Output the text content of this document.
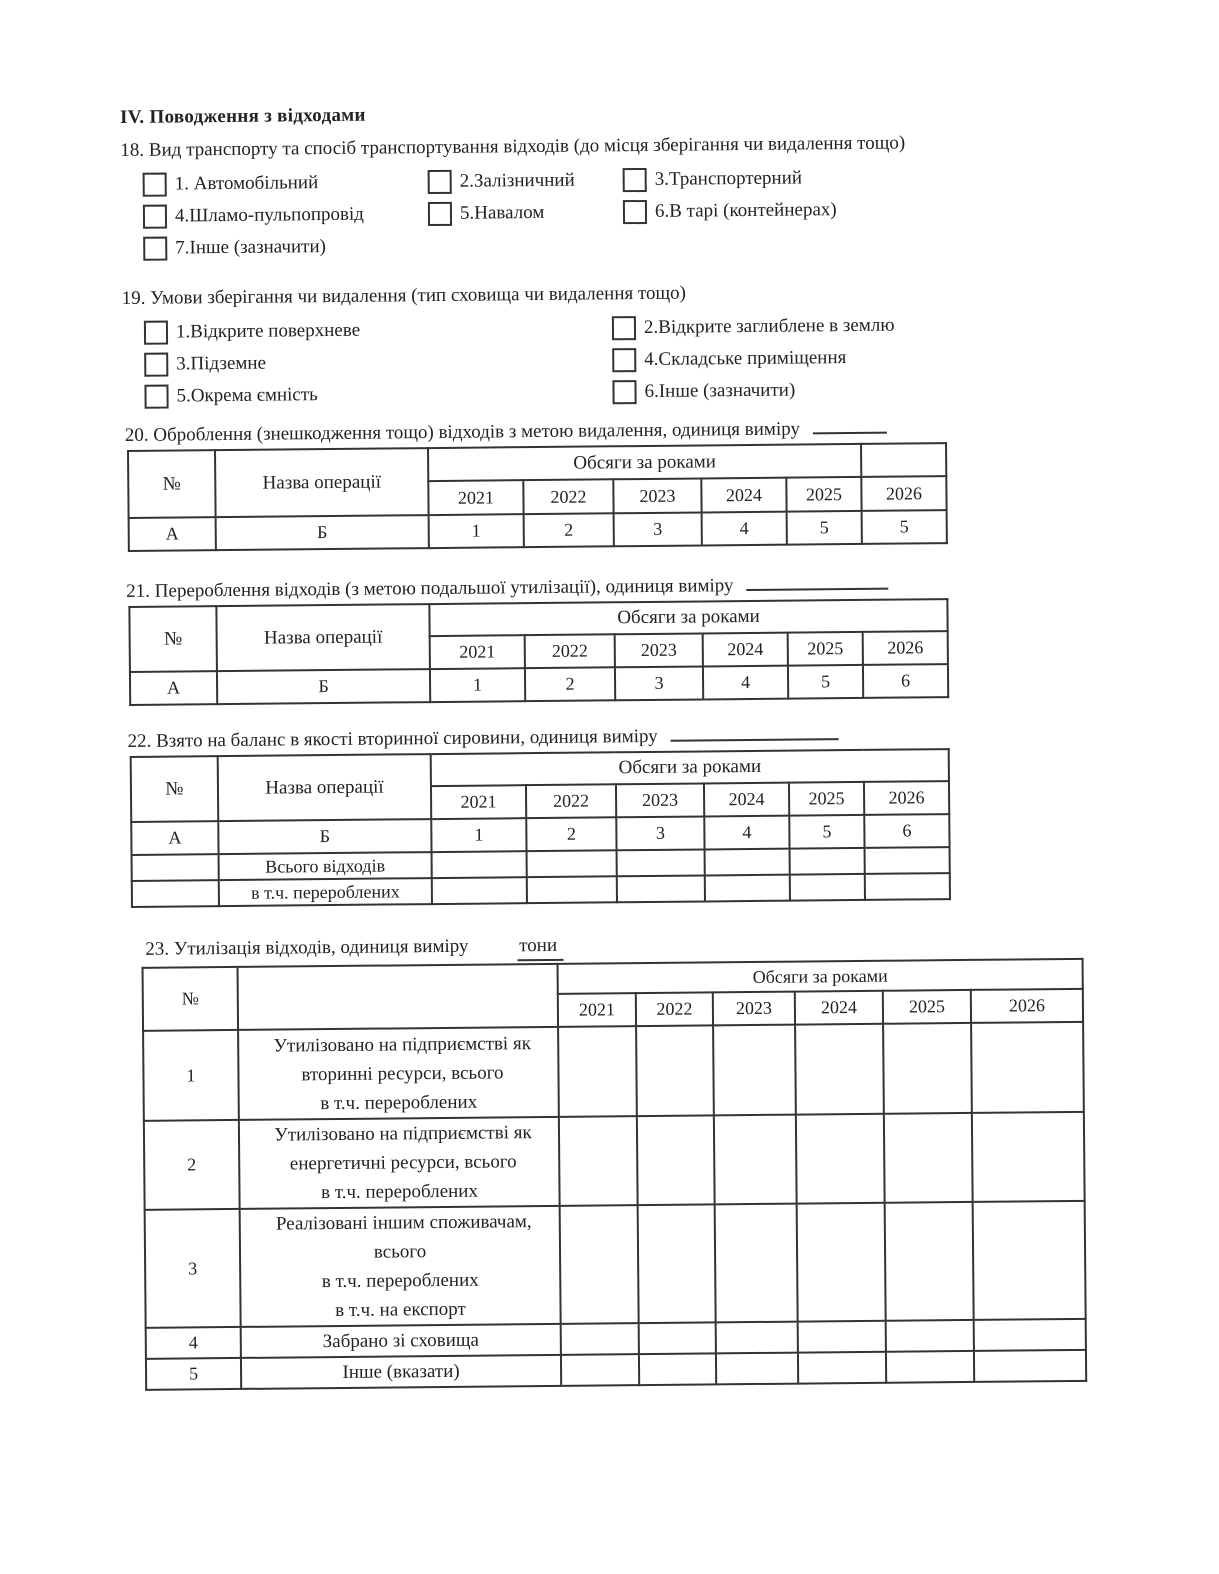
IV. Поводження з відходами
18. Вид транспорту та спосіб транспортування відходів (до місця зберігання чи видалення тощо)
1. Автомобільний	2.Залізничний	3.Транспортерний
4.Шламо-пульпопровід	5.Навалом	6.В тарі (контейнерах)
7.Інше (зазначити)
19. Умови зберігання чи видалення (тип сховища чи видалення тощо)
1.Відкрите поверхневе	2.Відкрите заглиблене в землю
3.Підземне	4.Складське приміщення
5.Окрема ємність	6.Інше (зазначити)
20. Оброблення (знешкодження тощо) відходів з метою видалення, одиниця виміру
№	Назва операції	Обсяги за роками					
		2021	2022	2023	2024	2025	2026
А	Б	1	2	3	4	5	5
21. Перероблення відходів (з метою подальшої утилізації), одиниця виміру
№	Назва операції	Обсяги за роками					
		2021	2022	2023	2024	2025	2026
А	Б	1	2	3	4	5	6
22. Взято на баланс в якості вторинної сировини, одиниця виміру
№	Назва операції	Обсяги за роками					
		2021	2022	2023	2024	2025	2026
А	Б	1	2	3	4	5	6
	Всього відходів						
	в т.ч. перероблених						
23. Утилізація відходів, одиниця виміру	тони
№		Обсяги за роками					
		2021	2022	2023	2024	2025	2026
1	Утилізовано на підприємстві як
вторинні ресурси, всього
в т.ч. перероблених						

2	Утилізовано на підприємстві як
енергетичні ресурси, всього
в т.ч. перероблених						

3	Реалізовані іншим споживачам,
всього
в т.ч. перероблених
в т.ч. на експорт						

4	Забрано зі сховища						

5	Інше (вказати)						
